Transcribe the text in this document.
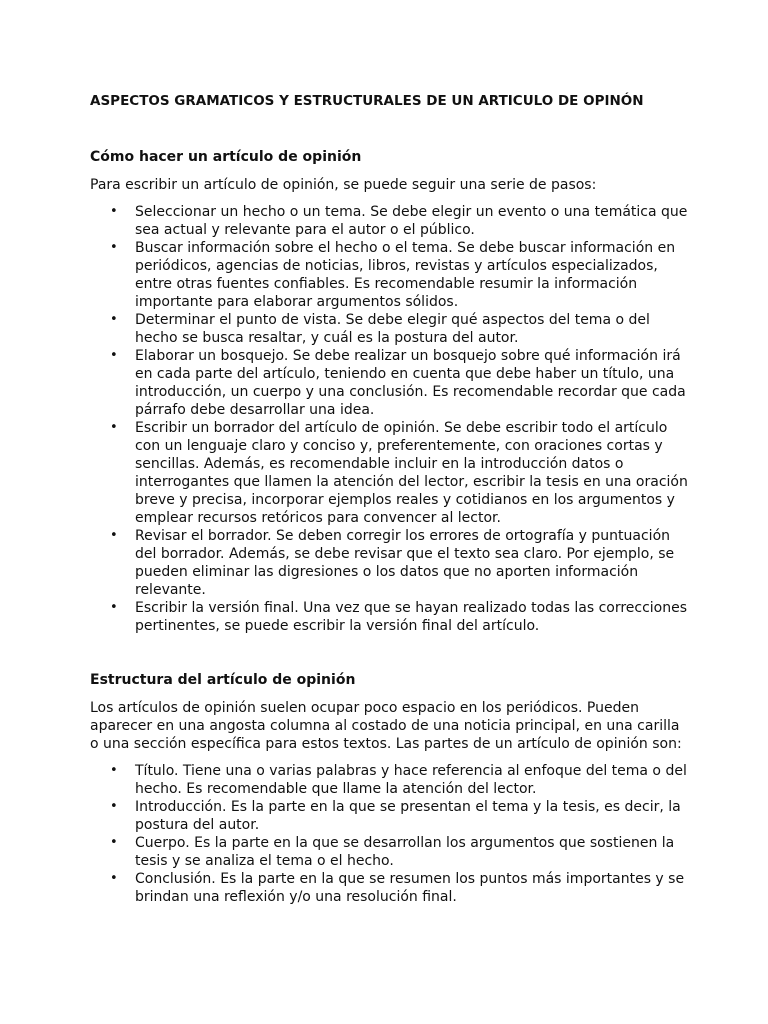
ASPECTOS GRAMATICOS Y ESTRUCTURALES DE UN ARTICULO DE OPINÓN
Cómo hacer un artículo de opinión

Para escribir un artículo de opinión, se puede seguir una serie de pasos:

• Seleccionar un hecho o un tema. Se debe elegir un evento o una temática que sea actual y relevante para el autor o el público.
• Buscar información sobre el hecho o el tema. Se debe buscar información en periódicos, agencias de noticias, libros, revistas y artículos especializados, entre otras fuentes confiables. Es recomendable resumir la información importante para elaborar argumentos sólidos.
• Determinar el punto de vista. Se debe elegir qué aspectos del tema o del hecho se busca resaltar, y cuál es la postura del autor.
• Elaborar un bosquejo. Se debe realizar un bosquejo sobre qué información irá en cada parte del artículo, teniendo en cuenta que debe haber un título, una introducción, un cuerpo y una conclusión. Es recomendable recordar que cada párrafo debe desarrollar una idea.
• Escribir un borrador del artículo de opinión. Se debe escribir todo el artículo con un lenguaje claro y conciso y, preferentemente, con oraciones cortas y sencillas. Además, es recomendable incluir en la introducción datos o interrogantes que llamen la atención del lector, escribir la tesis en una oración breve y precisa, incorporar ejemplos reales y cotidianos en los argumentos y emplear recursos retóricos para convencer al lector.
• Revisar el borrador. Se deben corregir los errores de ortografía y puntuación del borrador. Además, se debe revisar que el texto sea claro. Por ejemplo, se pueden eliminar las digresiones o los datos que no aporten información relevante.
• Escribir la versión final. Una vez que se hayan realizado todas las correcciones pertinentes, se puede escribir la versión final del artículo.
Estructura del artículo de opinión

Los artículos de opinión suelen ocupar poco espacio en los periódicos. Pueden aparecer en una angosta columna al costado de una noticia principal, en una carilla o una sección específica para estos textos. Las partes de un artículo de opinión son:

• Título. Tiene una o varias palabras y hace referencia al enfoque del tema o del hecho. Es recomendable que llame la atención del lector.
• Introducción. Es la parte en la que se presentan el tema y la tesis, es decir, la postura del autor.
• Cuerpo. Es la parte en la que se desarrollan los argumentos que sostienen la tesis y se analiza el tema o el hecho.
• Conclusión. Es la parte en la que se resumen los puntos más importantes y se brindan una reflexión y/o una resolución final.
